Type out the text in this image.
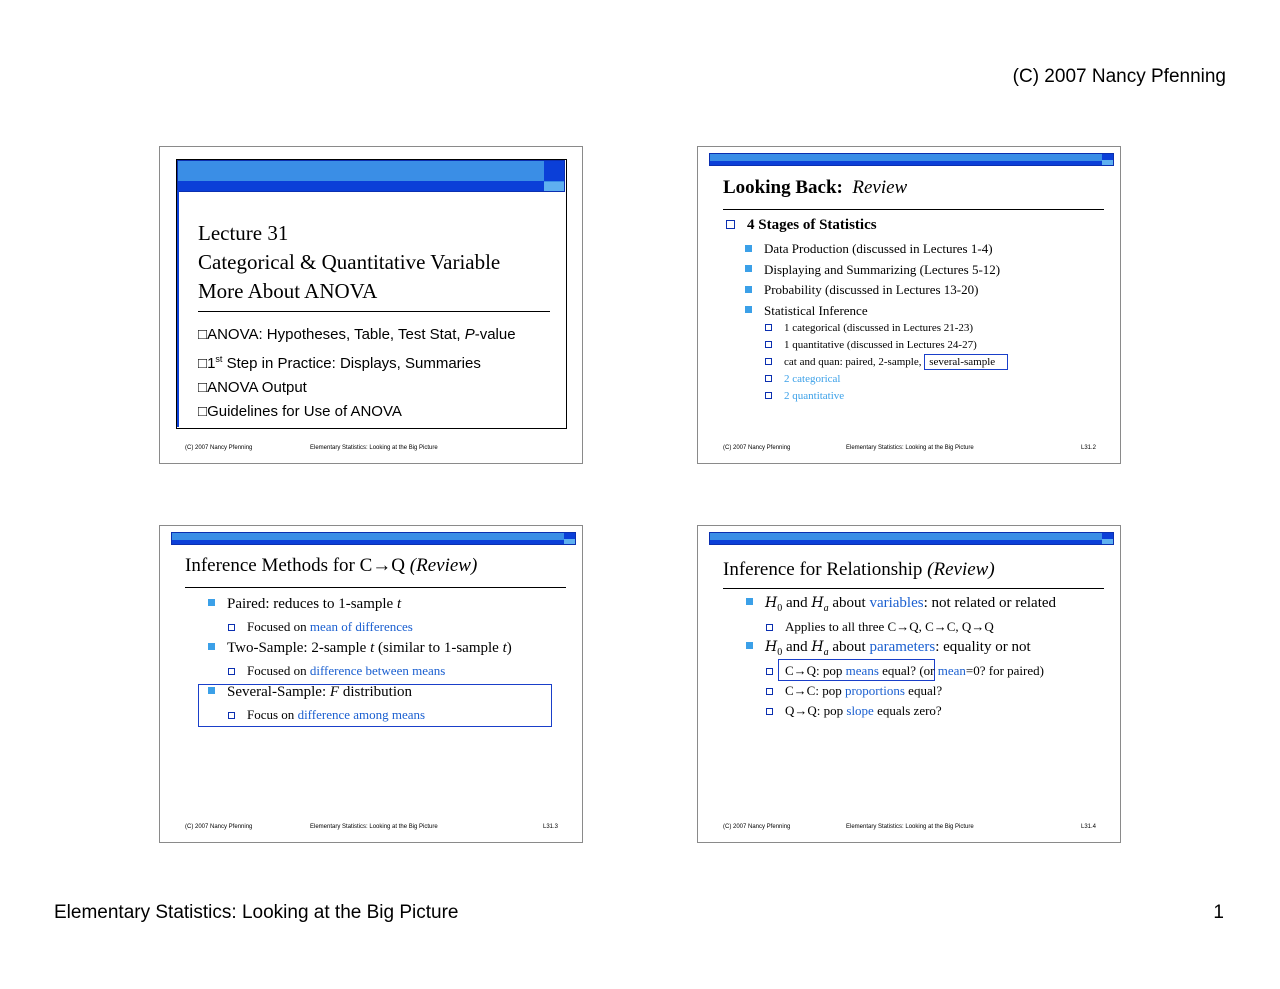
(C) 2007 Nancy Pfenning
Lecture 31
Categorical & Quantitative Variable
More About ANOVA
□ANOVA: Hypotheses, Table, Test Stat, P-value
□1st Step in Practice: Displays, Summaries
□ANOVA Output
□Guidelines for Use of ANOVA
(C) 2007 Nancy Pfenning	Elementary Statistics: Looking at the Big Picture
Looking Back: Review
4 Stages of Statistics
Data Production (discussed in Lectures 1-4)
Displaying and Summarizing (Lectures 5-12)
Probability (discussed in Lectures 13-20)
Statistical Inference
1 categorical (discussed in Lectures 21-23)
1 quantitative (discussed in Lectures 24-27)
cat and quan: paired, 2-sample, several-sample
2 categorical
2 quantitative
(C) 2007 Nancy Pfenning	Elementary Statistics: Looking at the Big Picture	L31.2
Inference Methods for C→Q (Review)
Paired: reduces to 1-sample t
Focused on mean of differences
Two-Sample: 2-sample t (similar to 1-sample t)
Focused on difference between means
Several-Sample: F distribution
Focus on difference among means
(C) 2007 Nancy Pfenning	Elementary Statistics: Looking at the Big Picture	L31.3
Inference for Relationship (Review)
$H_0$ and $H_a$ about variables: not related or related
Applies to all three C→Q, C→C, Q→Q
$H_0$ and $H_a$ about parameters: equality or not
C→Q: pop means equal? (or mean=0? for paired)
C→C: pop proportions equal?
Q→Q: pop slope equals zero?
(C) 2007 Nancy Pfenning	Elementary Statistics: Looking at the Big Picture	L31.4
Elementary Statistics: Looking at the Big Picture	1
